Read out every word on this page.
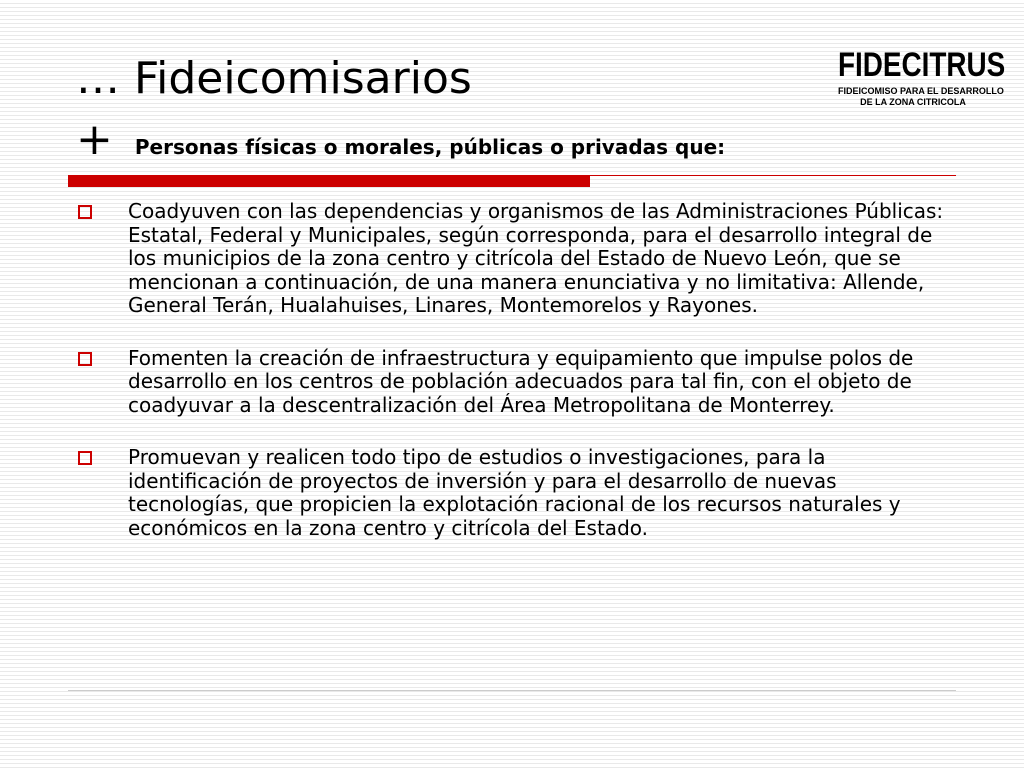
… Fideicomisarios
+ Personas físicas o morales, públicas o privadas que:
FIDECITRUS
FIDEICOMISO PARA EL DESARROLLO
DE LA ZONA CITRICOLA
Coadyuven con las dependencias y organismos de las Administraciones Públicas: Estatal, Federal y Municipales, según corresponda, para el desarrollo integral de los municipios de la zona centro y citrícola del Estado de Nuevo León, que se mencionan a continuación, de una manera enunciativa y no limitativa: Allende, General Terán, Hualahuises, Linares, Montemorelos y Rayones.
Fomenten la creación de infraestructura y equipamiento que impulse polos de desarrollo en los centros de población adecuados para tal fin, con el objeto de coadyuvar a la descentralización del Área Metropolitana de Monterrey.
Promuevan y realicen todo tipo de estudios o investigaciones, para la identificación de proyectos de inversión y para el desarrollo de nuevas tecnologías, que propicien la explotación racional de los recursos naturales y económicos en la zona centro y citrícola del Estado.
